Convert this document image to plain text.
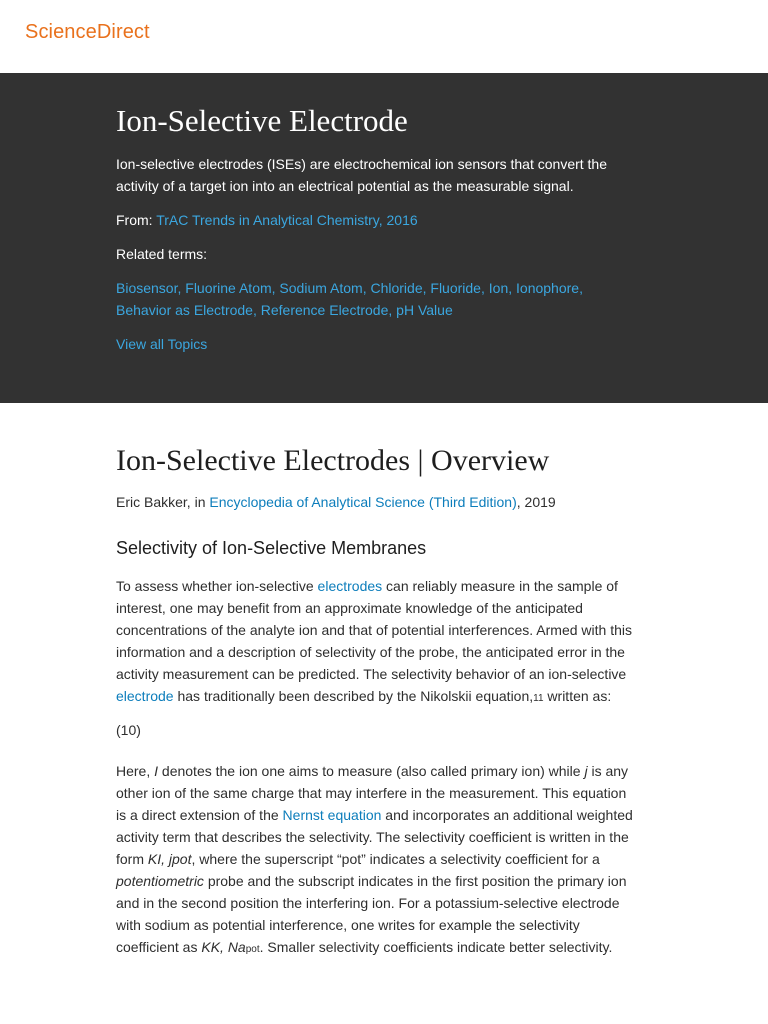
ScienceDirect
Ion-Selective Electrode

Ion-selective electrodes (ISEs) are electrochemical ion sensors that convert the activity of a target ion into an electrical potential as the measurable signal.

From: TrAC Trends in Analytical Chemistry, 2016

Related terms:

Biosensor, Fluorine Atom, Sodium Atom, Chloride, Fluoride, Ion, Ionophore, Behavior as Electrode, Reference Electrode, pH Value

View all Topics

Ion-Selective Electrodes | Overview

Eric Bakker, in Encyclopedia of Analytical Science (Third Edition), 2019

Selectivity of Ion-Selective Membranes

To assess whether ion-selective electrodes can reliably measure in the sample of interest, one may benefit from an approximate knowledge of the anticipated concentrations of the analyte ion and that of potential interferences. Armed with this information and a description of selectivity of the probe, the anticipated error in the activity measurement can be predicted. The selectivity behavior of an ion-selective electrode has traditionally been described by the Nikolskii equation,11 written as:

(10)

Here, I denotes the ion one aims to measure (also called primary ion) while j is any other ion of the same charge that may interfere in the measurement. This equation is a direct extension of the Nernst equation and incorporates an additional weighted activity term that describes the selectivity. The selectivity coefficient is written in the form KI, jpot, where the superscript “pot” indicates a selectivity coefficient for a potentiometric probe and the subscript indicates in the first position the primary ion and in the second position the interfering ion. For a potassium-selective electrode with sodium as potential interference, one writes for example the selectivity coefficient as KK, Napot. Smaller selectivity coefficients indicate better selectivity.
